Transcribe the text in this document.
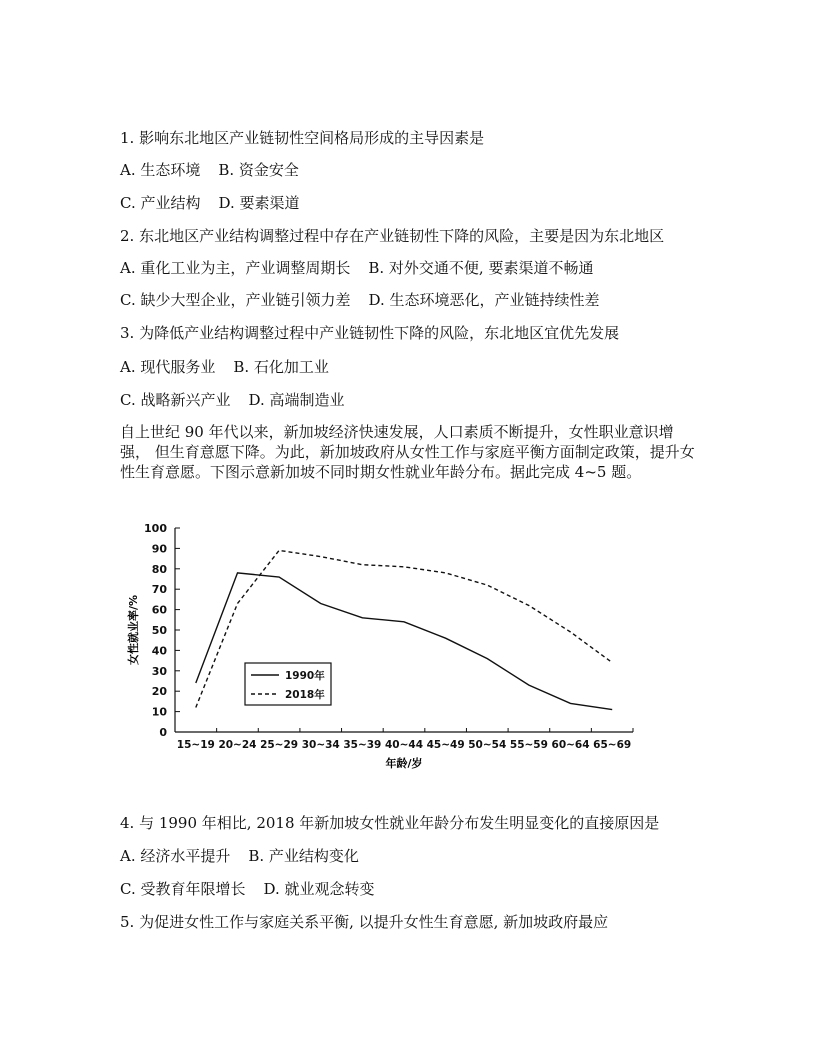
1. 影响东北地区产业链韧性空间格局形成的主导因素是
A. 生态环境 B. 资金安全
C. 产业结构 D. 要素渠道
2. 东北地区产业结构调整过程中存在产业链韧性下降的风险，主要是因为东北地区
A. 重化工业为主，产业调整周期长 B. 对外交通不便, 要素渠道不畅通
C. 缺少大型企业，产业链引领力差 D. 生态环境恶化，产业链持续性差
3. 为降低产业结构调整过程中产业链韧性下降的风险，东北地区宜优先发展
A. 现代服务业 B. 石化加工业
C. 战略新兴产业 D. 高端制造业
自上世纪 90 年代以来，新加坡经济快速发展，人口素质不断提升，女性职业意识增强， 但生育意愿下降。为此，新加坡政府从女性工作与家庭平衡方面制定政策，提升女性生育意愿。下图示意新加坡不同时期女性就业年龄分布。据此完成 4~5 题。
0
10
20
30
40
50
60
70
80
90
100
15~19 20~24 25~29 30~34 35~39 40~44 45~49 50~54 55~59 60~64 65~69
1990年
2018年
女性就业率/%
年龄/岁
4. 与 1990 年相比, 2018 年新加坡女性就业年龄分布发生明显变化的直接原因是
A. 经济水平提升 B. 产业结构变化
C. 受教育年限增长 D. 就业观念转变
5. 为促进女性工作与家庭关系平衡, 以提升女性生育意愿, 新加坡政府最应
